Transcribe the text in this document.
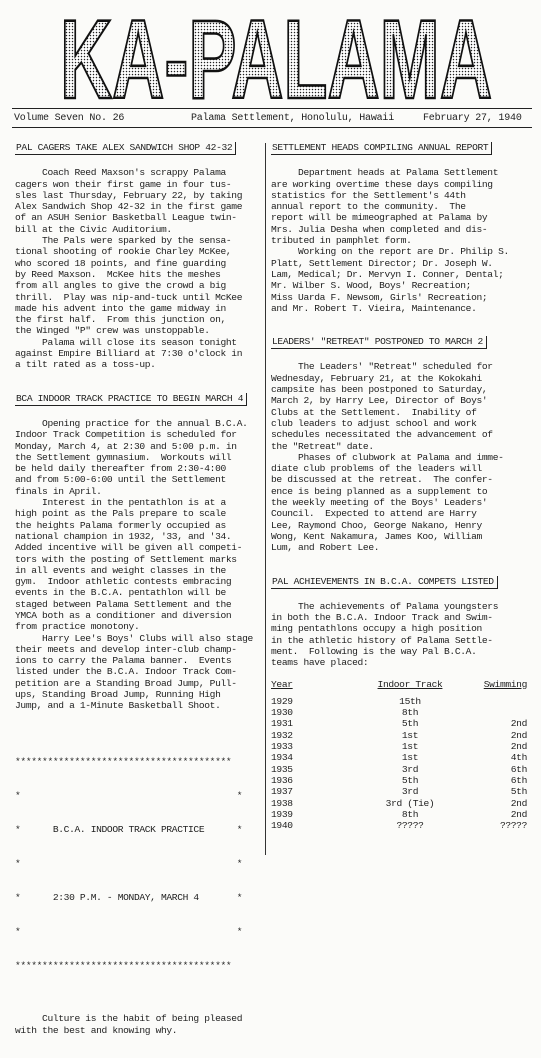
KA-PALAMA
Volume Seven No. 26	Palama Settlement, Honolulu, Hawaii	February 27, 1940
PAL CAGERS TAKE ALEX SANDWICH SHOP 42-32

Coach Reed Maxson's scrappy Palama

cagers won their first game in four tus-

sles last Thursday, February 22, by taking

Alex Sandwich Shop 42-32 in the first game

of an ASUH Senior Basketball League twin-

bill at the Civic Auditorium.

The Pals were sparked by the sensa-

tional shooting of rookie Charley McKee,

who scored 18 points, and fine guarding

by Reed Maxson.  McKee hits the meshes

from all angles to give the crowd a big

thrill.  Play was nip-and-tuck until McKee

made his advent into the game midway in

the first half.  From this junction on,

the Winged "P" crew was unstoppable.

Palama will close its season tonight

against Empire Billiard at 7:30 o'clock in

a tilt rated as a toss-up.

BCA INDOOR TRACK PRACTICE TO BEGIN MARCH 4

Opening practice for the annual B.C.A.

Indoor Track Competition is scheduled for

Monday, March 4, at 2:30 and 5:00 p.m. in

the Settlement gymnasium.  Workouts will

be held daily thereafter from 2:30-4:00

and from 5:00-6:00 until the Settlement

finals in April.

Interest in the pentathlon is at a

high point as the Pals prepare to scale

the heights Palama formerly occupied as

national champion in 1932, '33, and '34.

Added incentive will be given all competi-

tors with the posting of Settlement marks

in all events and weight classes in the

gym.  Indoor athletic contests embracing

events in the B.C.A. pentathlon will be

staged between Palama Settlement and the

YMCA both as a conditioner and diversion

from practice monotony.

Harry Lee's Boys' Clubs will also stage

their meets and develop inter-club champ-

ions to carry the Palama banner.  Events

listed under the B.C.A. Indoor Track Com-

petition are a Standing Broad Jump, Pull-

ups, Standing Broad Jump, Running High

Jump, and a 1-Minute Basketball Shoot.

****************************************

*                                        *

*      B.C.A. INDOOR TRACK PRACTICE      *

*                                        *

*      2:30 P.M. - MONDAY, MARCH 4       *

*                                        *

****************************************

Culture is the habit of being pleased

with the best and knowing why.

SETTLEMENT HEADS COMPILING ANNUAL REPORT

Department heads at Palama Settlement

are working overtime these days compiling

statistics for the Settlement's 44th

annual report to the community.  The

report will be mimeographed at Palama by

Mrs. Julia Desha when completed and dis-

tributed in pamphlet form.

Working on the report are Dr. Philip S.

Platt, Settlement Director; Dr. Joseph W.

Lam, Medical; Dr. Mervyn I. Conner, Dental;

Mr. Wilber S. Wood, Boys' Recreation;

Miss Uarda F. Newsom, Girls' Recreation;

and Mr. Robert T. Vieira, Maintenance.

LEADERS' "RETREAT" POSTPONED TO MARCH 2

The Leaders' "Retreat" scheduled for

Wednesday, February 21, at the Kokokahi

campsite has been postponed to Saturday,

March 2, by Harry Lee, Director of Boys'

Clubs at the Settlement.  Inability of

club leaders to adjust school and work

schedules necessitated the advancement of

the "Retreat" date.

Phases of clubwork at Palama and imme-

diate club problems of the leaders will

be discussed at the retreat.  The confer-

ence is being planned as a supplement to

the weekly meeting of the Boys' Leaders'

Council.  Expected to attend are Harry

Lee, Raymond Choo, George Nakano, Henry

Wong, Kent Nakamura, James Koo, William

Lum, and Robert Lee.

PAL ACHIEVEMENTS IN B.C.A. COMPETS LISTED

The achievements of Palama youngsters

in both the B.C.A. Indoor Track and Swim-

ming pentathlons occupy a high position

in the athletic history of Palama Settle-

ment.  Following is the way Pal B.C.A.

teams have placed:

Year	Indoor Track	Swimming
1929	15th
1930	8th
1931	5th	2nd
1932	1st	2nd
1933	1st	2nd
1934	1st	4th
1935	3rd	6th
1936	5th	6th
1937	3rd	5th
1938	3rd (Tie)	2nd
1939	8th	2nd
1940	?????	?????
